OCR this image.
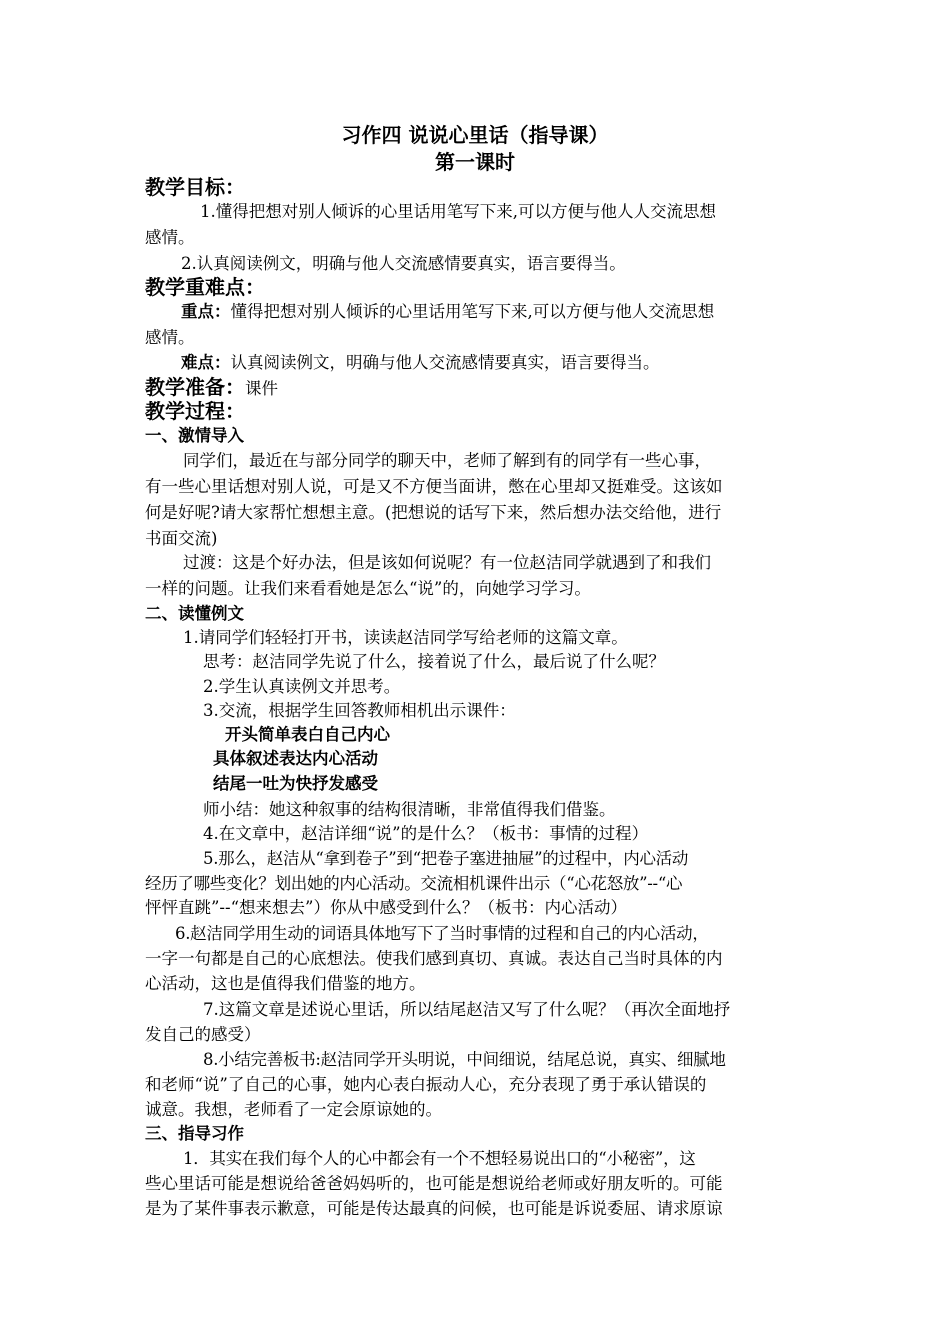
习作四 说说心里话（指导课）
第一课时
教学目标：
1.懂得把想对别人倾诉的心里话用笔写下来,可以方便与他人人交流思想
感情。
2.认真阅读例文，明确与他人交流感情要真实，语言要得当。
教学重难点：
重点：懂得把想对别人倾诉的心里话用笔写下来,可以方便与他人交流思想
感情。
难点：认真阅读例文，明确与他人交流感情要真实，语言要得当。
教学准备：课件
教学过程：
一、激情导入
同学们，最近在与部分同学的聊天中，老师了解到有的同学有一些心事，
有一些心里话想对别人说，可是又不方便当面讲，憋在心里却又挺难受。这该如
何是好呢?请大家帮忙想想主意。(把想说的话写下来，然后想办法交给他，进行
书面交流)
过渡：这是个好办法，但是该如何说呢？有一位赵洁同学就遇到了和我们
一样的问题。让我们来看看她是怎么“说”的，向她学习学习。
二、读懂例文
1.请同学们轻轻打开书，读读赵洁同学写给老师的这篇文章。
思考：赵洁同学先说了什么，接着说了什么，最后说了什么呢？
2.学生认真读例文并思考。
3.交流，根据学生回答教师相机出示课件：
开头简单表白自己内心
具体叙述表达内心活动
结尾一吐为快抒发感受
师小结：她这种叙事的结构很清晰，非常值得我们借鉴。
4.在文章中，赵洁详细“说”的是什么？（板书：事情的过程）
5.那么，赵洁从“拿到卷子”到“把卷子塞进抽屉”的过程中，内心活动
经历了哪些变化？划出她的内心活动。交流相机课件出示（“心花怒放”--“心
怦怦直跳”--“想来想去”）你从中感受到什么？（板书：内心活动）
6.赵洁同学用生动的词语具体地写下了当时事情的过程和自己的内心活动，
一字一句都是自己的心底想法。使我们感到真切、真诚。表达自己当时具体的内
心活动，这也是值得我们借鉴的地方。
7.这篇文章是述说心里话，所以结尾赵洁又写了什么呢？（再次全面地抒
发自己的感受）
8.小结完善板书:赵洁同学开头明说，中间细说，结尾总说，真实、细腻地
和老师“说”了自己的心事，她内心表白振动人心，充分表现了勇于承认错误的
诚意。我想，老师看了一定会原谅她的。
三、指导习作
1．其实在我们每个人的心中都会有一个不想轻易说出口的“小秘密”，这
些心里话可能是想说给爸爸妈妈听的，也可能是想说给老师或好朋友听的。可能
是为了某件事表示歉意，可能是传达最真的问候，也可能是诉说委屈、请求原谅
